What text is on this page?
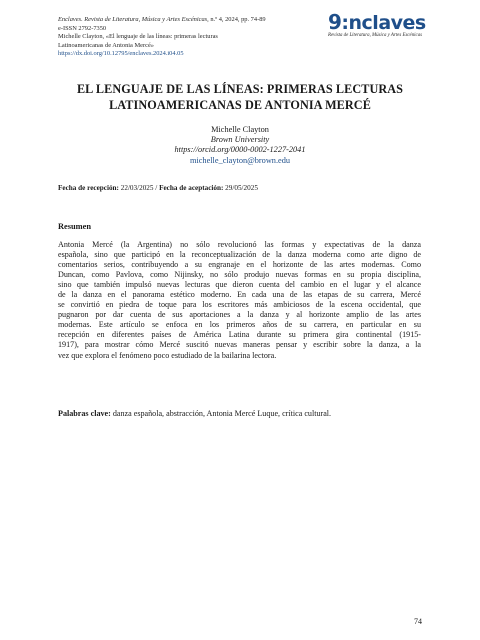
Enclaves. Revista de Literatura, Música y Artes Escénicas, n.º 4, 2024, pp. 74-89
e-ISSN 2792-7350
Michelle Clayton, «El lenguaje de las líneas: primeras lecturas
Latinoamericanas de Antonia Mercé»
https://dx.doi.org/10.12795/enclaves.2024.i04.05
9:nclaves
Revista de Literatura, Música y Artes Escénicas
EL LENGUAJE DE LAS LÍNEAS: PRIMERAS LECTURAS
LATINOAMERICANAS DE ANTONIA MERCÉ
Michelle Clayton
Brown University
https://orcid.org/0000-0002-1227-2041
michelle_clayton@brown.edu
Fecha de recepción: 22/03/2025 / Fecha de aceptación: 29/05/2025
Resumen
Antonia Mercé (la Argentina) no sólo revolucionó las formas y expectativas de la danza
española, sino que participó en la reconceptualización de la danza moderna como arte digno de
comentarios serios, contribuyendo a su engranaje en el horizonte de las artes modernas. Como
Duncan, como Pavlova, como Nijinsky, no sólo produjo nuevas formas en su propia disciplina,
sino que también impulsó nuevas lecturas que dieron cuenta del cambio en el lugar y el alcance
de la danza en el panorama estético moderno. En cada una de las etapas de su carrera, Mercé
se convirtió en piedra de toque para los escritores más ambiciosos de la escena occidental, que
pugnaron por dar cuenta de sus aportaciones a la danza y al horizonte amplio de las artes
modernas. Este artículo se enfoca en los primeros años de su carrera, en particular en su
recepción en diferentes países de América Latina durante su primera gira continental (1915-
1917), para mostrar cómo Mercé suscitó nuevas maneras pensar y escribir sobre la danza, a la
vez que explora el fenómeno poco estudiado de la bailarina lectora.
Palabras clave: danza española, abstracción, Antonia Mercé Luque, crítica cultural.
74
